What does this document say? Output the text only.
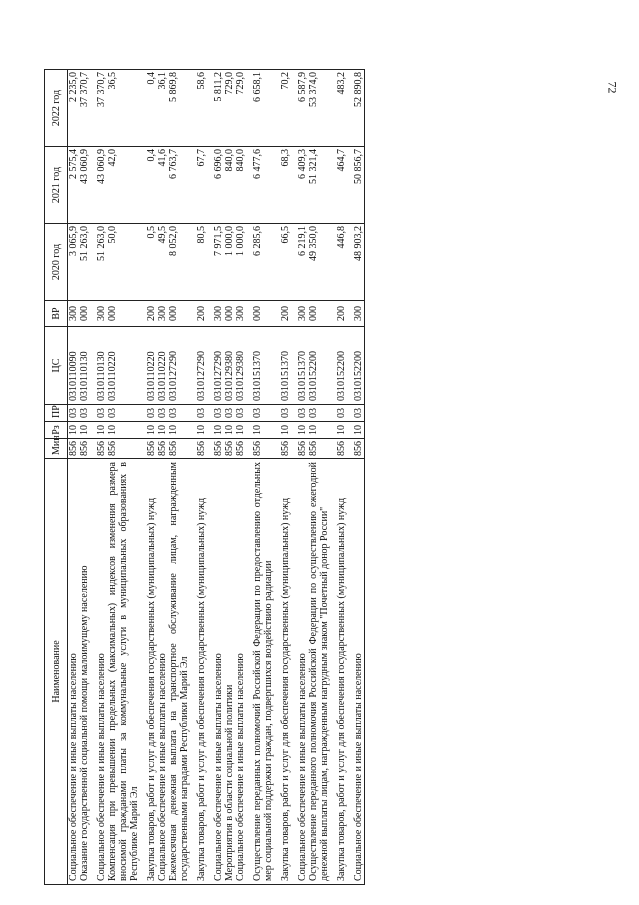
72
Наименование	Мин	Рз	ПР	ЦС	ВР	2020 год	2021 год	2022 год
Социальное обеспечение и иные выплаты населению	856	10	03	0310110090	300	3 065,9	2 575,4	2 235,0
Оказание государственной социальной помощи малоимущему населению	856	10	03	0310110130	000	51 263,0	43 060,9	37 370,7

Социальное обеспечение и иные выплаты населению	856	10	03	0310110130	300	51 263,0	43 060,9	37 370,7
Компенсация при превышении предельных (максимальных) индексов изменения размера вносимой гражданами платы за коммунальные услуги в муниципальных образованиях в Республике Марий Эл	856	10	03	0310110220	000	50,0	42,0	36,5

Закупка товаров, работ и услуг для обеспечения государственных (муниципальных) нужд	856	10	03	0310110220	200	0,5	0,4	0,4
Социальное обеспечение и иные выплаты населению	856	10	03	0310110220	300	49,5	41,6	36,1
Ежемесячная денежная выплата на транспортное обслуживание лицам, награжденным государственными наградами Республики Марий Эл	856	10	03	0310127290	000	8 052,0	6 763,7	5 869,8

Закупка товаров, работ и услуг для обеспечения государственных (муниципальных) нужд	856	10	03	0310127290	200	80,5	67,7	58,6

Социальное обеспечение и иные выплаты населению	856	10	03	0310127290	300	7 971,5	6 696,0	5 811,2
Мероприятия в области социальной политики	856	10	03	0310129380	000	1 000,0	840,0	729,0
Социальное обеспечение и иные выплаты населению	856	10	03	0310129380	300	1 000,0	840,0	729,0

Осуществление переданных полномочий Российской Федерации по предоставлению отдельных мер социальной поддержки граждан, подвергшихся воздействию радиации	856	10	03	0310151370	000	6 285,6	6 477,6	6 658,1

Закупка товаров, работ и услуг для обеспечения государственных (муниципальных) нужд	856	10	03	0310151370	200	66,5	68,3	70,2

Социальное обеспечение и иные выплаты населению	856	10	03	0310151370	300	6 219,1	6 409,3	6 587,9
Осуществление переданного полномочия Российской Федерации по осуществлению ежегодной денежной выплаты лицам, награжденным нагрудным знаком "Почетный донор России"	856	10	03	0310152200	000	49 350,0	51 321,4	53 374,0

Закупка товаров, работ и услуг для обеспечения государственных (муниципальных) нужд	856	10	03	0310152200	200	446,8	464,7	483,2

Социальное обеспечение и иные выплаты населению	856	10	03	0310152200	300	48 903,2	50 856,7	52 890,8
